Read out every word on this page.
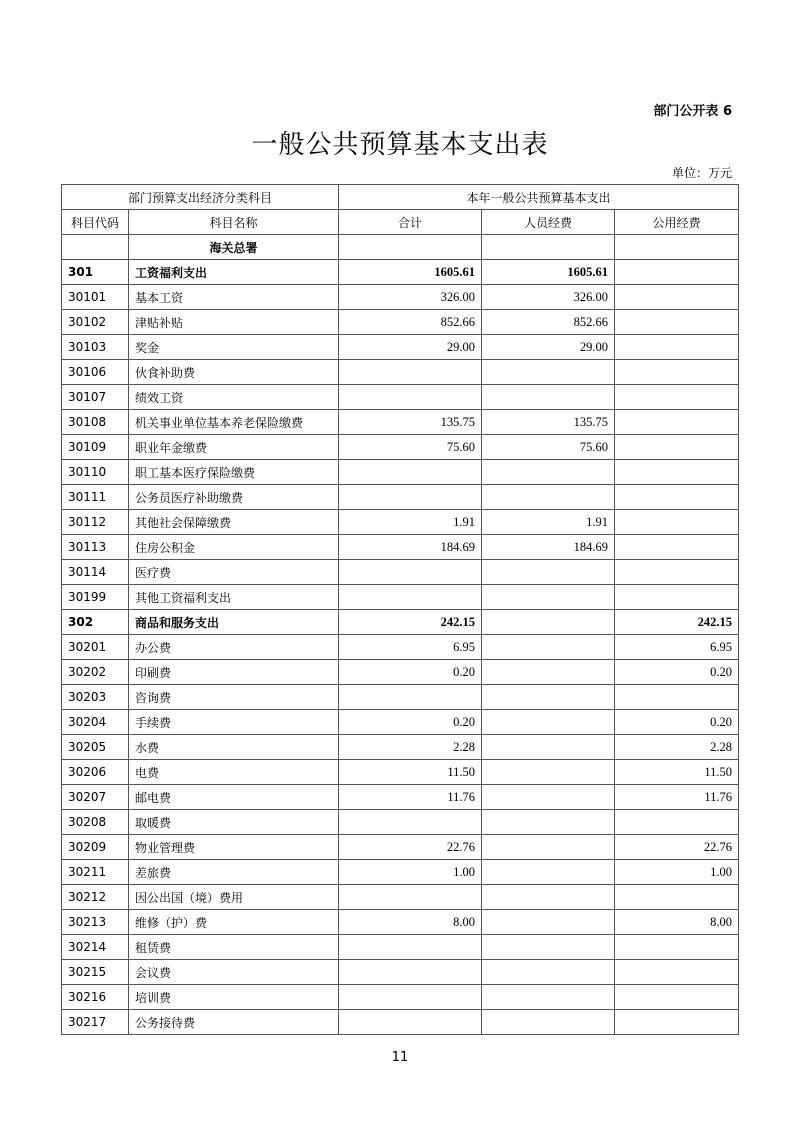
部门公开表 6
一般公共预算基本支出表
单位：万元
部门预算支出经济分类科目		本年一般公共预算基本支出		
科目代码	科目名称	合计	人员经费	公用经费
	海关总署			
301	工资福利支出	1605.61	1605.61	
30101	基本工资	326.00	326.00	
30102	津贴补贴	852.66	852.66	
30103	奖金	29.00	29.00	
30106	伙食补助费			
30107	绩效工资			
30108	机关事业单位基本养老保险缴费	135.75	135.75	
30109	职业年金缴费	75.60	75.60	
30110	职工基本医疗保险缴费			
30111	公务员医疗补助缴费			
30112	其他社会保障缴费	1.91	1.91	
30113	住房公积金	184.69	184.69	
30114	医疗费			
30199	其他工资福利支出			
302	商品和服务支出	242.15		242.15
30201	办公费	6.95		6.95
30202	印刷费	0.20		0.20
30203	咨询费			
30204	手续费	0.20		0.20
30205	水费	2.28		2.28
30206	电费	11.50		11.50
30207	邮电费	11.76		11.76
30208	取暖费			
30209	物业管理费	22.76		22.76
30211	差旅费	1.00		1.00
30212	因公出国（境）费用			
30213	维修（护）费	8.00		8.00
30214	租赁费			
30215	会议费			
30216	培训费			
30217	公务接待费			
11
